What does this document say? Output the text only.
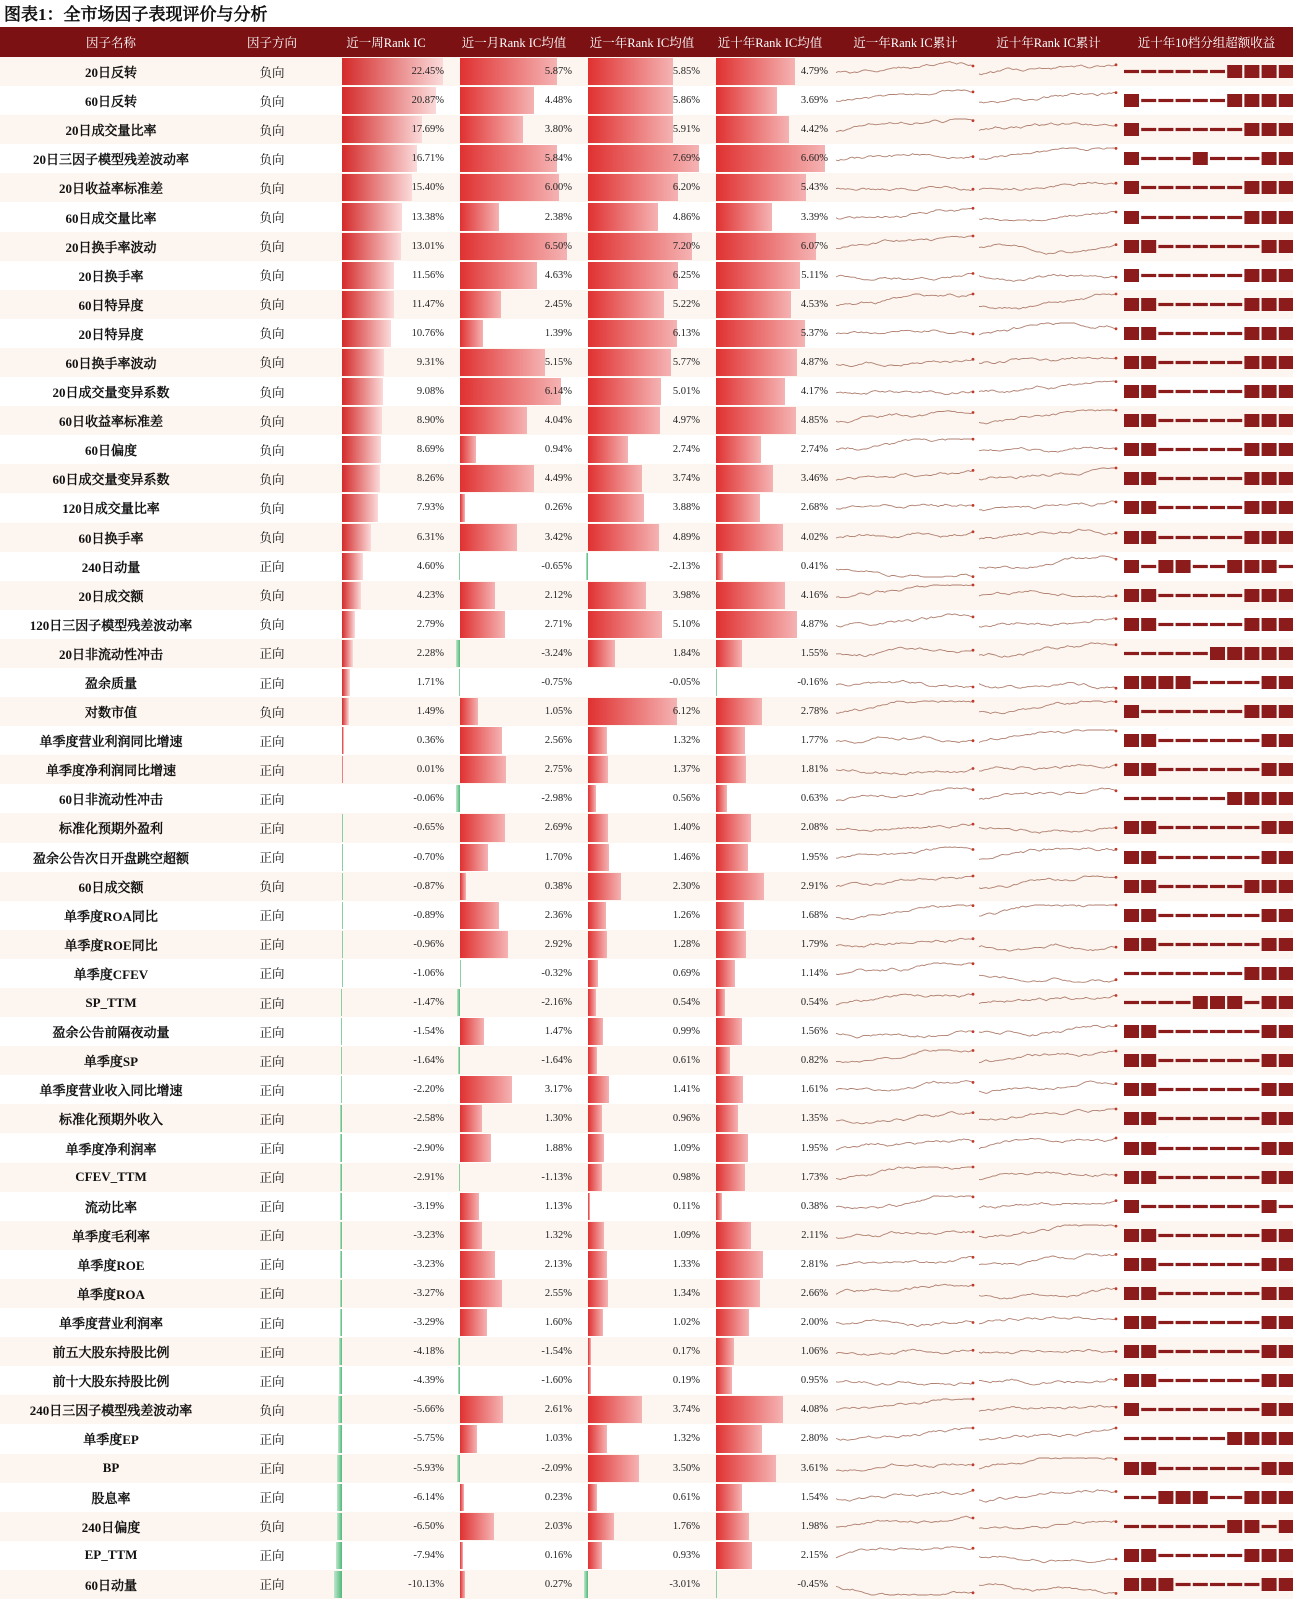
图表1：全市场因子表现评价与分析
因子名称	因子方向	近一周Rank IC	近一月Rank IC均值	近一年Rank IC均值	近十年Rank IC均值	近一年Rank IC累计	近十年Rank IC累计	近十年10档分组超额收益
20日反转	负向	22.45%	5.87%	5.85%	4.79%

60日反转	负向	20.87%	4.48%	5.86%	3.69%

20日成交量比率	负向	17.69%	3.80%	5.91%	4.42%

20日三因子模型残差波动率	负向	16.71%	5.84%	7.69%	6.60%

20日收益率标准差	负向	15.40%	6.00%	6.20%	5.43%

60日成交量比率	负向	13.38%	2.38%	4.86%	3.39%

20日换手率波动	负向	13.01%	6.50%	7.20%	6.07%

20日换手率	负向	11.56%	4.63%	6.25%	5.11%

60日特异度	负向	11.47%	2.45%	5.22%	4.53%

20日特异度	负向	10.76%	1.39%	6.13%	5.37%

60日换手率波动	负向	9.31%	5.15%	5.77%	4.87%

20日成交量变异系数	负向	9.08%	6.14%	5.01%	4.17%

60日收益率标准差	负向	8.90%	4.04%	4.97%	4.85%

60日偏度	负向	8.69%	0.94%	2.74%	2.74%

60日成交量变异系数	负向	8.26%	4.49%	3.74%	3.46%

120日成交量比率	负向	7.93%	0.26%	3.88%	2.68%

60日换手率	负向	6.31%	3.42%	4.89%	4.02%

240日动量	正向	4.60%	-0.65%	-2.13%	0.41%

20日成交额	负向	4.23%	2.12%	3.98%	4.16%

120日三因子模型残差波动率	负向	2.79%	2.71%	5.10%	4.87%

20日非流动性冲击	正向	2.28%	-3.24%	1.84%	1.55%

盈余质量	正向	1.71%	-0.75%	-0.05%	-0.16%

对数市值	负向	1.49%	1.05%	6.12%	2.78%

单季度营业利润同比增速	正向	0.36%	2.56%	1.32%	1.77%

单季度净利润同比增速	正向	0.01%	2.75%	1.37%	1.81%

60日非流动性冲击	正向	-0.06%	-2.98%	0.56%	0.63%

标准化预期外盈利	正向	-0.65%	2.69%	1.40%	2.08%

盈余公告次日开盘跳空超额	正向	-0.70%	1.70%	1.46%	1.95%

60日成交额	负向	-0.87%	0.38%	2.30%	2.91%

单季度ROA同比	正向	-0.89%	2.36%	1.26%	1.68%

单季度ROE同比	正向	-0.96%	2.92%	1.28%	1.79%

单季度CFEV	正向	-1.06%	-0.32%	0.69%	1.14%

SP_TTM	正向	-1.47%	-2.16%	0.54%	0.54%

盈余公告前隔夜动量	正向	-1.54%	1.47%	0.99%	1.56%

单季度SP	正向	-1.64%	-1.64%	0.61%	0.82%

单季度营业收入同比增速	正向	-2.20%	3.17%	1.41%	1.61%

标准化预期外收入	正向	-2.58%	1.30%	0.96%	1.35%

单季度净利润率	正向	-2.90%	1.88%	1.09%	1.95%

CFEV_TTM	正向	-2.91%	-1.13%	0.98%	1.73%

流动比率	正向	-3.19%	1.13%	0.11%	0.38%

单季度毛利率	正向	-3.23%	1.32%	1.09%	2.11%

单季度ROE	正向	-3.23%	2.13%	1.33%	2.81%

单季度ROA	正向	-3.27%	2.55%	1.34%	2.66%

单季度营业利润率	正向	-3.29%	1.60%	1.02%	2.00%

前五大股东持股比例	正向	-4.18%	-1.54%	0.17%	1.06%

前十大股东持股比例	正向	-4.39%	-1.60%	0.19%	0.95%

240日三因子模型残差波动率	负向	-5.66%	2.61%	3.74%	4.08%

单季度EP	正向	-5.75%	1.03%	1.32%	2.80%

BP	正向	-5.93%	-2.09%	3.50%	3.61%

股息率	正向	-6.14%	0.23%	0.61%	1.54%

240日偏度	负向	-6.50%	2.03%	1.76%	1.98%

EP_TTM	正向	-7.94%	0.16%	0.93%	2.15%

60日动量	正向	-10.13%	0.27%	-3.01%	-0.45%
